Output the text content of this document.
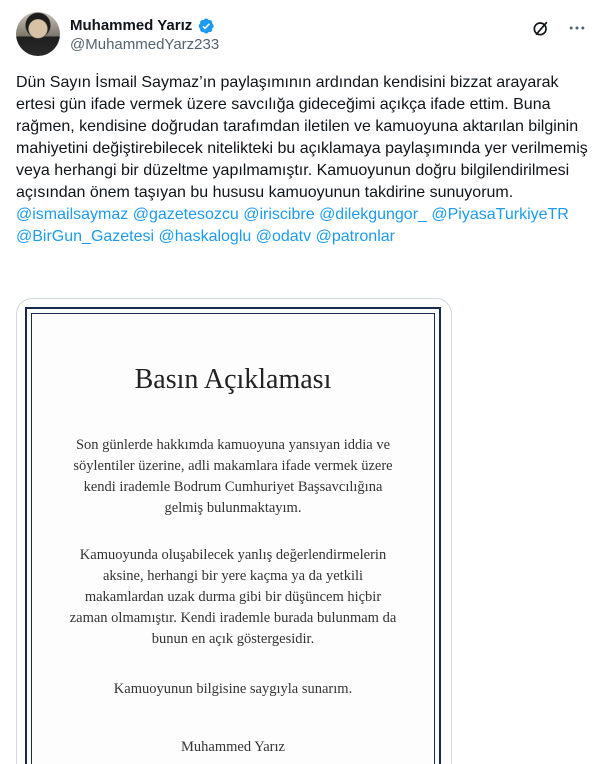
Muhammed Yarız
@MuhammedYarz233
Dün Sayın İsmail Saymaz’ın paylaşımının ardından kendisini bizzat arayarak ertesi gün ifade vermek üzere savcılığa gideceğimi açıkça ifade ettim. Buna rağmen, kendisine doğrudan tarafımdan iletilen ve kamuoyuna aktarılan bilginin mahiyetini değiştirebilecek nitelikteki bu açıklamaya paylaşımında yer verilmemiş veya herhangi bir düzeltme yapılmamıştır. Kamuoyunun doğru bilgilendirilmesi açısından önem taşıyan bu hususu kamuoyunun takdirine sunuyorum. @ismailsaymaz @gazetesozcu @iriscibre @dilekgungor_ @PiyasaTurkiyeTR @BirGun_Gazetesi @haskaloglu @odatv @patronlar
Basın Açıklaması
Son günlerde hakkımda kamuoyuna yansıyan iddia ve söylentiler üzerine, adli makamlara ifade vermek üzere kendi irademle Bodrum Cumhuriyet Başsavcılığına gelmiş bulunmaktayım.
Kamuoyunda oluşabilecek yanlış değerlendirmelerin aksine, herhangi bir yere kaçma ya da yetkili makamlardan uzak durma gibi bir düşüncem hiçbir zaman olmamıştır. Kendi irademle burada bulunmam da bunun en açık göstergesidir.
Kamuoyunun bilgisine saygıyla sunarım.
Muhammed Yarız
